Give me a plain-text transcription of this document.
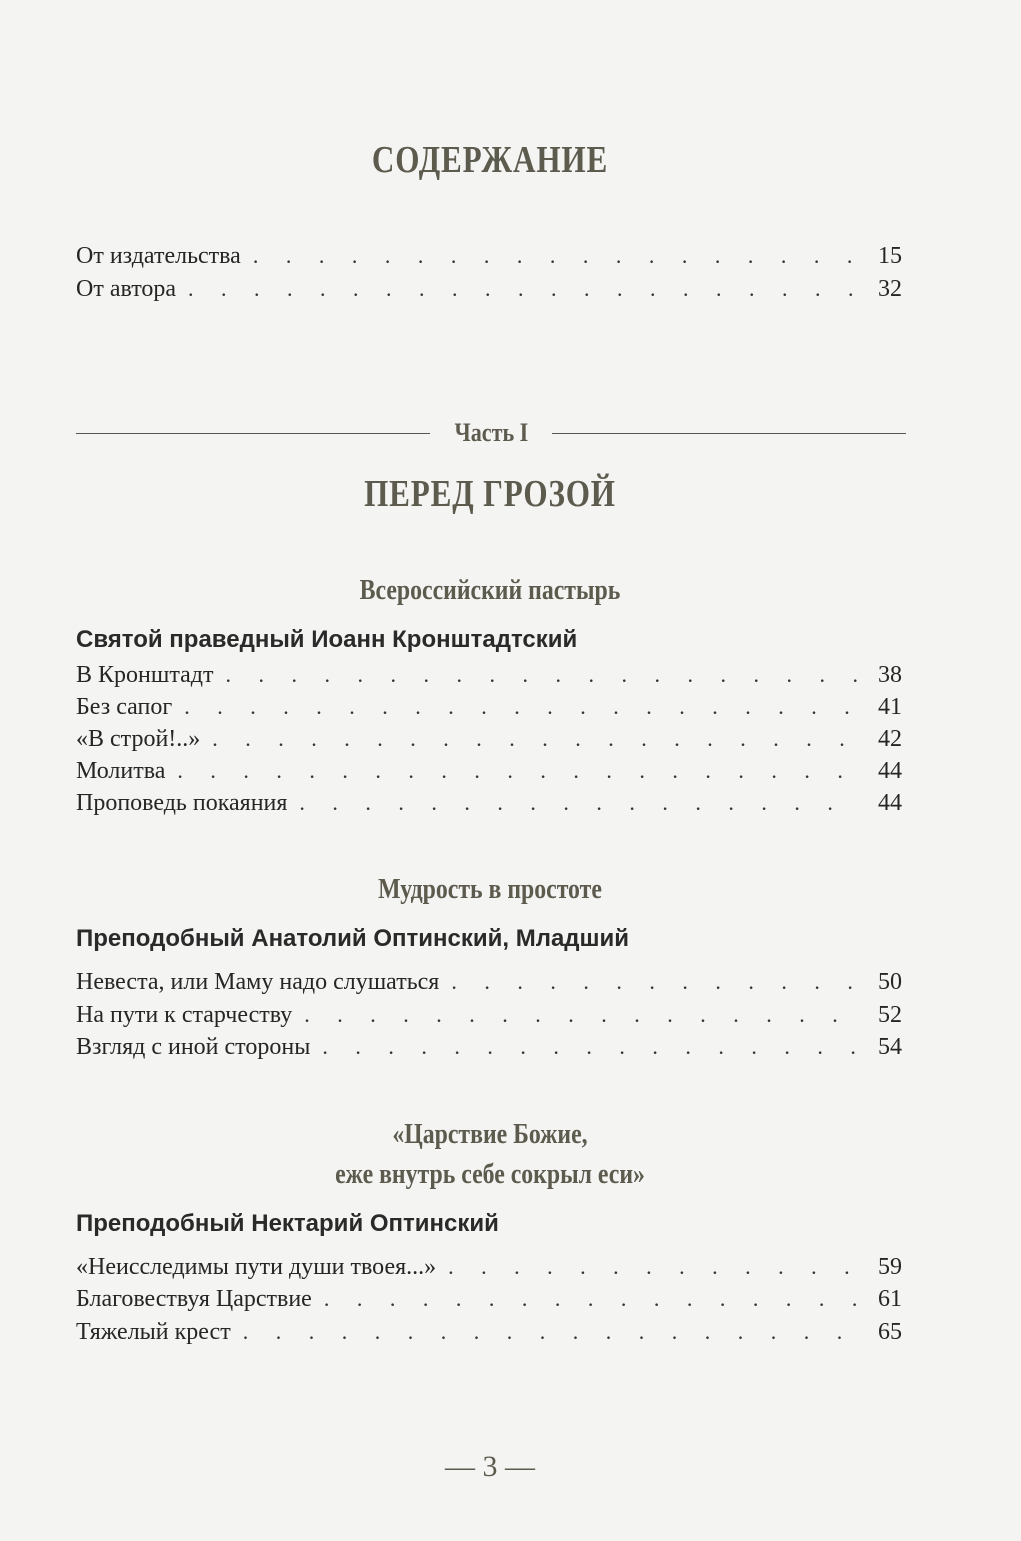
СОДЕРЖАНИЕ
От издательства . . .	15
От автора . . .	32
Часть I
ПЕРЕД ГРОЗОЙ
Всероссийский пастырь
Святой праведный Иоанн Кронштадтский
В Кронштадт . . .	38
Без сапог . . .	41
«В строй!..» . . .	42
Молитва . . .	44
Проповедь покаяния . . .	44
Мудрость в простоте
Преподобный Анатолий Оптинский, Младший
Невеста, или Маму надо слушаться . . .	50
На пути к старчеству . . .	52
Взгляд с иной стороны . . .	54
«Царствие Божие,
еже внутрь себе сокрыл еси»
Преподобный Нектарий Оптинский
«Неисследимы пути души твоея...» . . .	59
Благовествуя Царствие . . .	61
Тяжелый крест . . .	65
— 3 —
